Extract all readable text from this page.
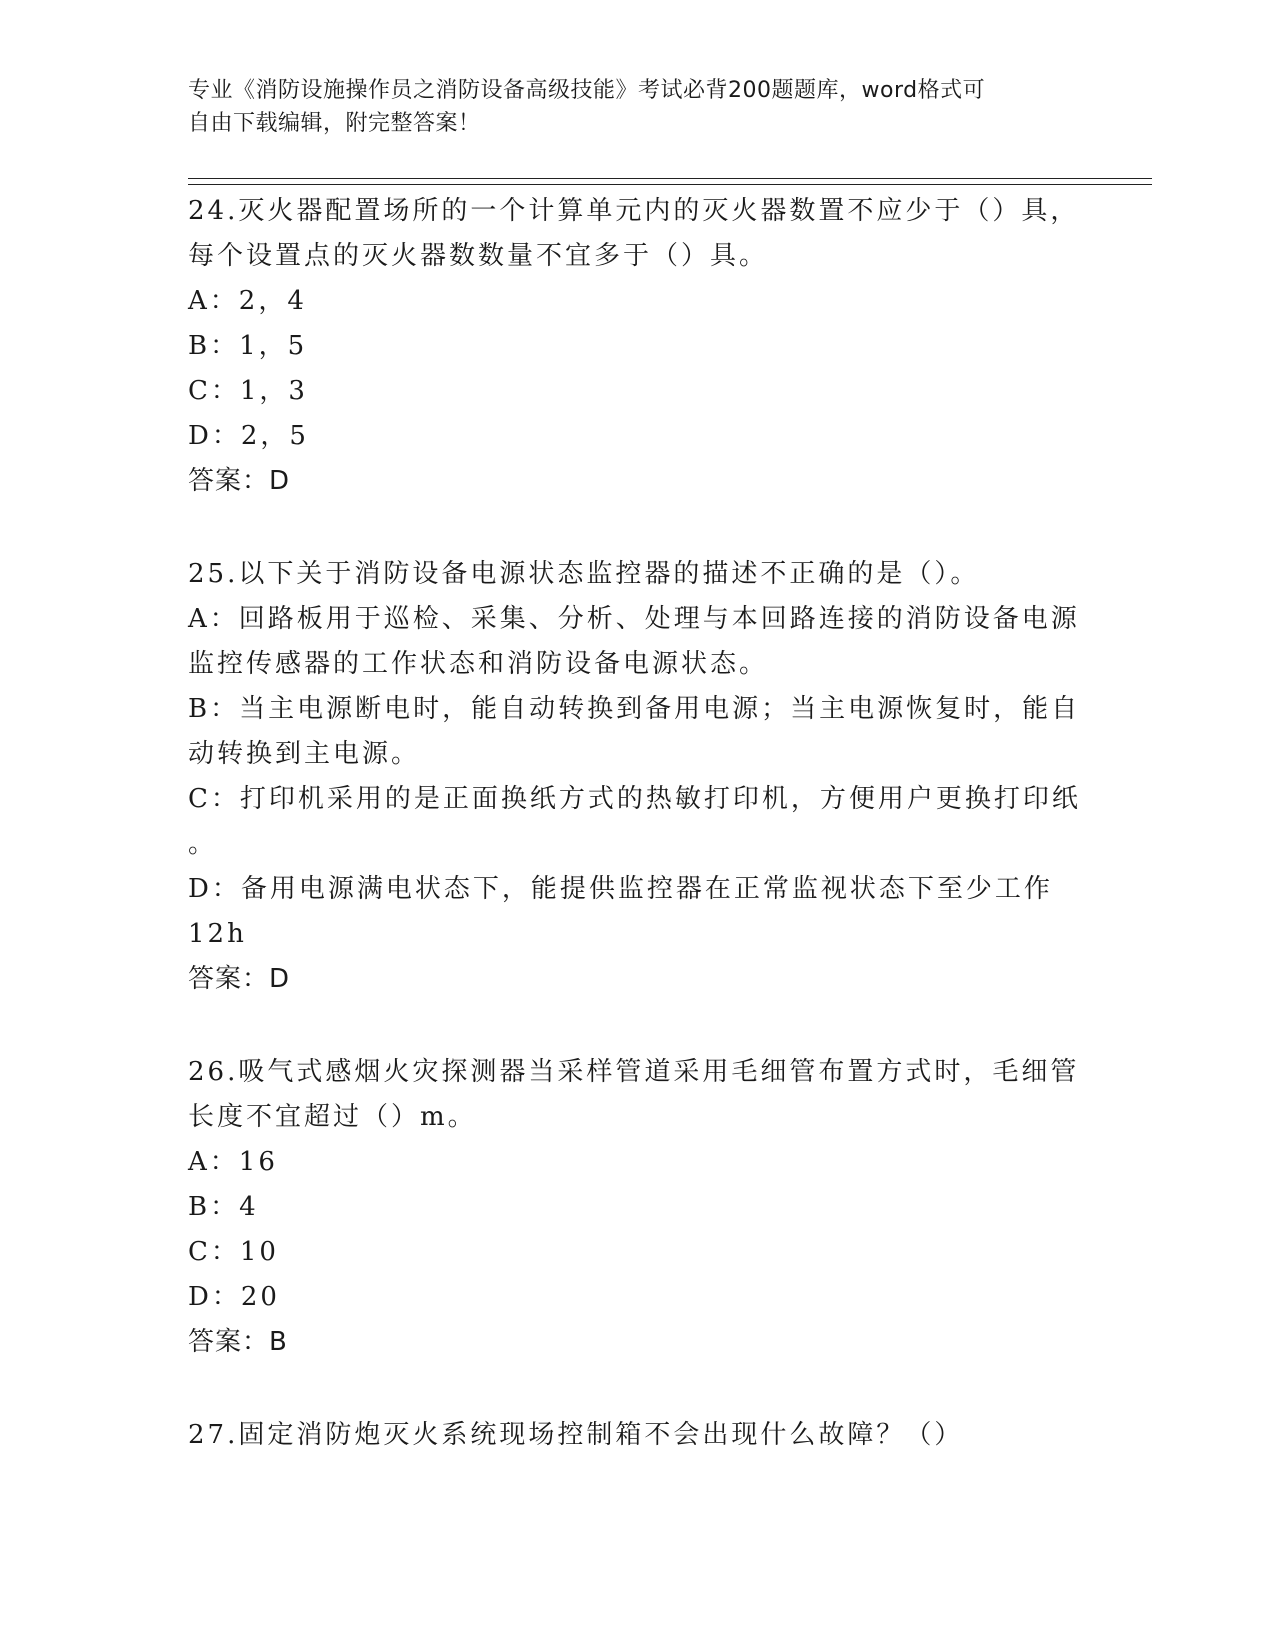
专业《消防设施操作员之消防设备高级技能》考试必背200题题库，word格式可
自由下载编辑，附完整答案！
24.灭火器配置场所的一个计算单元内的灭火器数置不应少于（）具，
每个设置点的灭火器数数量不宜多于（）具。
A：2，4
B：1，5
C：1，3
D：2，5
答案：D
25.以下关于消防设备电源状态监控器的描述不正确的是（）。
A：回路板用于巡检、采集、分析、处理与本回路连接的消防设备电源
监控传感器的工作状态和消防设备电源状态。
B：当主电源断电时，能自动转换到备用电源；当主电源恢复时，能自
动转换到主电源。
C：打印机采用的是正面换纸方式的热敏打印机，方便用户更换打印纸
。
D：备用电源满电状态下，能提供监控器在正常监视状态下至少工作
12h
答案：D
26.吸气式感烟火灾探测器当采样管道采用毛细管布置方式时，毛细管
长度不宜超过（）m。
A：16
B：4
C：10
D：20
答案：B
27.固定消防炮灭火系统现场控制箱不会出现什么故障？（）
